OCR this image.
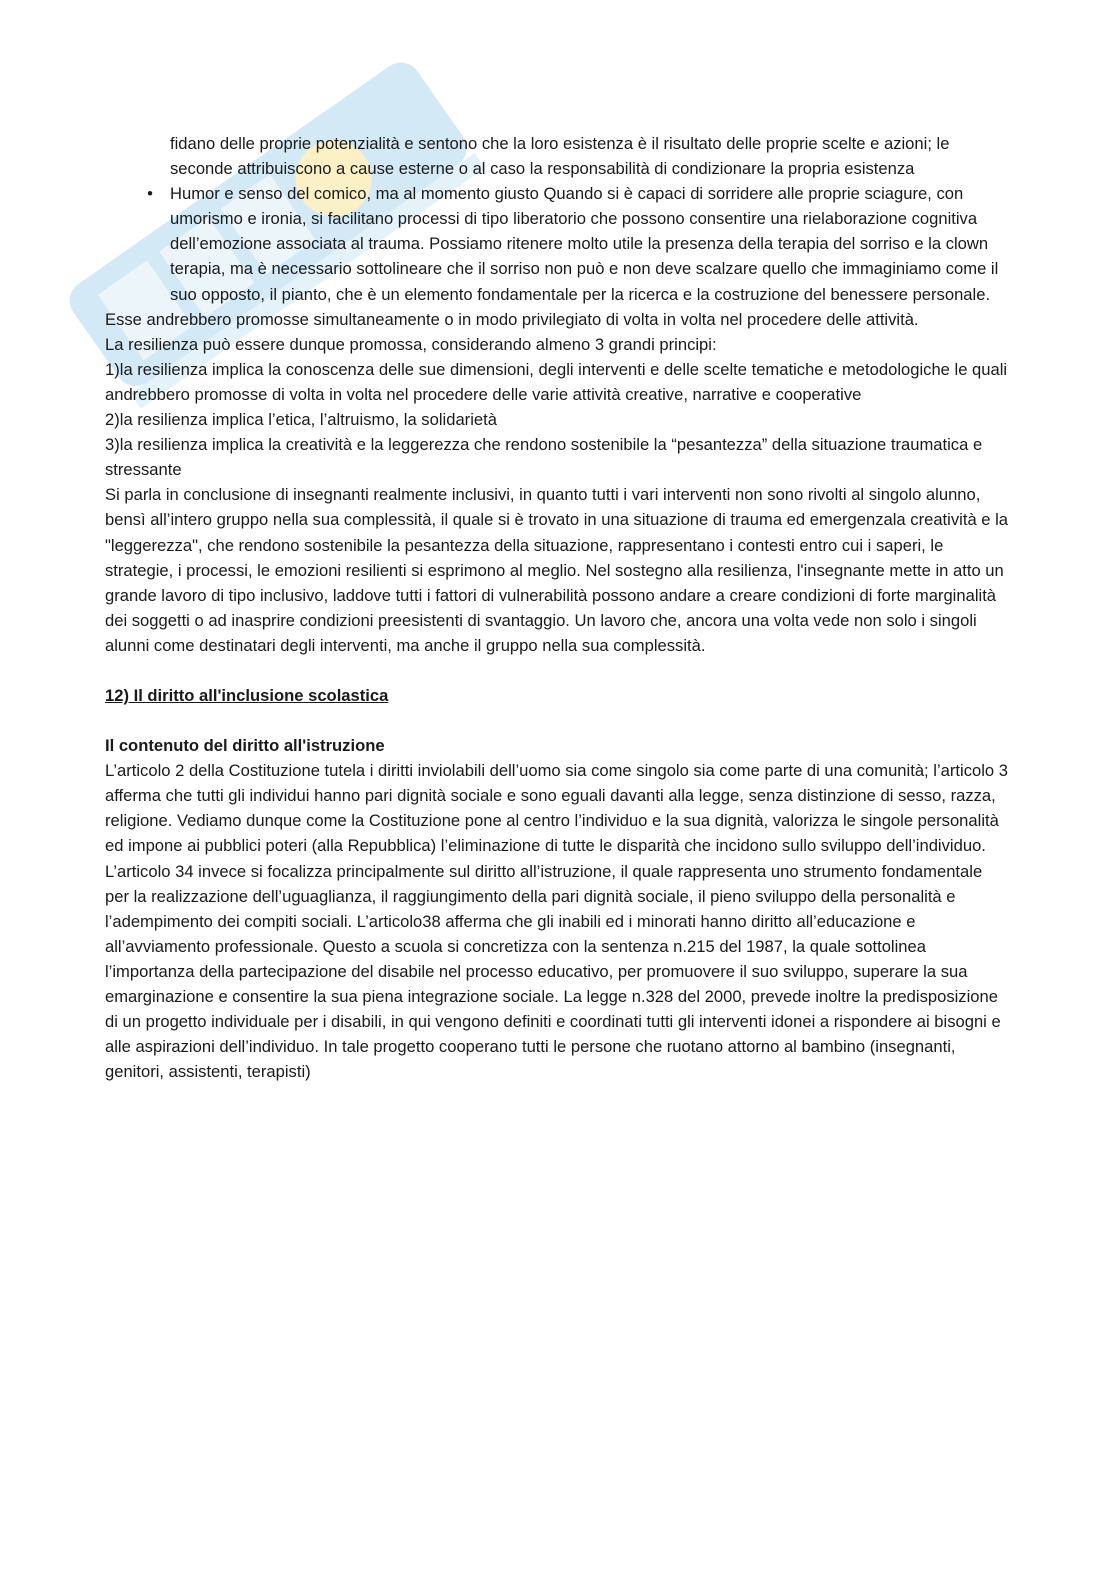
fidano delle proprie potenzialità e sentono che la loro esistenza è il risultato delle proprie scelte e azioni; le seconde attribuiscono a cause esterne o al caso la responsabilità di condizionare la propria esistenza

•	Humor e senso del comico, ma al momento giusto Quando si è capaci di sorridere alle proprie sciagure, con umorismo e ironia, si facilitano processi di tipo liberatorio che possono consentire una rielaborazione cognitiva dell’emozione associata al trauma. Possiamo ritenere molto utile la presenza della terapia del sorriso e la clown terapia, ma è necessario sottolineare che il sorriso non può e non deve scalzare quello che immaginiamo come il suo opposto, il pianto, che è un elemento fondamentale per la ricerca e la costruzione del benessere personale.

Esse andrebbero promosse simultaneamente o in modo privilegiato di volta in volta nel procedere delle attività.

La resilienza può essere dunque promossa, considerando almeno 3 grandi principi:

1)la resilienza implica la conoscenza delle sue dimensioni, degli interventi e delle scelte tematiche e metodologiche le quali andrebbero promosse di volta in volta nel procedere delle varie attività creative, narrative e cooperative

2)la resilienza implica l’etica, l’altruismo, la solidarietà

3)la resilienza implica la creatività e la leggerezza che rendono sostenibile la “pesantezza” della situazione traumatica e stressante

Si parla in conclusione di insegnanti realmente inclusivi, in quanto tutti i vari interventi non sono rivolti al singolo alunno, bensì all’intero gruppo nella sua complessità, il quale si è trovato in una situazione di trauma ed emergenzala creatività e la "leggerezza", che rendono sostenibile la pesantezza della situazione, rappresentano i contesti entro cui i saperi, le strategie, i processi, le emozioni resilienti si esprimono al meglio. Nel sostegno alla resilienza, l'insegnante mette in atto un grande lavoro di tipo inclusivo, laddove tutti i fattori di vulnerabilità possono andare a creare condizioni di forte marginalità dei soggetti o ad inasprire condizioni preesistenti di svantaggio. Un lavoro che, ancora una volta vede non solo i singoli alunni come destinatari degli interventi, ma anche il gruppo nella sua complessità.

12) Il diritto all'inclusione scolastica

Il contenuto del diritto all'istruzione

L’articolo 2 della Costituzione tutela i diritti inviolabili dell’uomo sia come singolo sia come parte di una comunità; l’articolo 3 afferma che tutti gli individui hanno pari dignità sociale e sono eguali davanti alla legge, senza distinzione di sesso, razza, religione. Vediamo dunque come la Costituzione pone al centro l’individuo e la sua dignità, valorizza le singole personalità ed impone ai pubblici poteri (alla Repubblica) l’eliminazione di tutte le disparità che incidono sullo sviluppo dell’individuo. L’articolo 34 invece si focalizza principalmente sul diritto all’istruzione, il quale rappresenta uno strumento fondamentale per la realizzazione dell’uguaglianza, il raggiungimento della pari dignità sociale, il pieno sviluppo della personalità e l’adempimento dei compiti sociali. L’articolo38 afferma che gli inabili ed i minorati hanno diritto all’educazione e all’avviamento professionale. Questo a scuola si concretizza con la sentenza n.215 del 1987, la quale sottolinea l’importanza della partecipazione del disabile nel processo educativo, per promuovere il suo sviluppo, superare la sua emarginazione e consentire la sua piena integrazione sociale. La legge n.328 del 2000, prevede inoltre la predisposizione di un progetto individuale per i disabili, in qui vengono definiti e coordinati tutti gli interventi idonei a rispondere ai bisogni e alle aspirazioni dell’individuo. In tale progetto cooperano tutti le persone che ruotano attorno al bambino (insegnanti, genitori, assistenti, terapisti)
